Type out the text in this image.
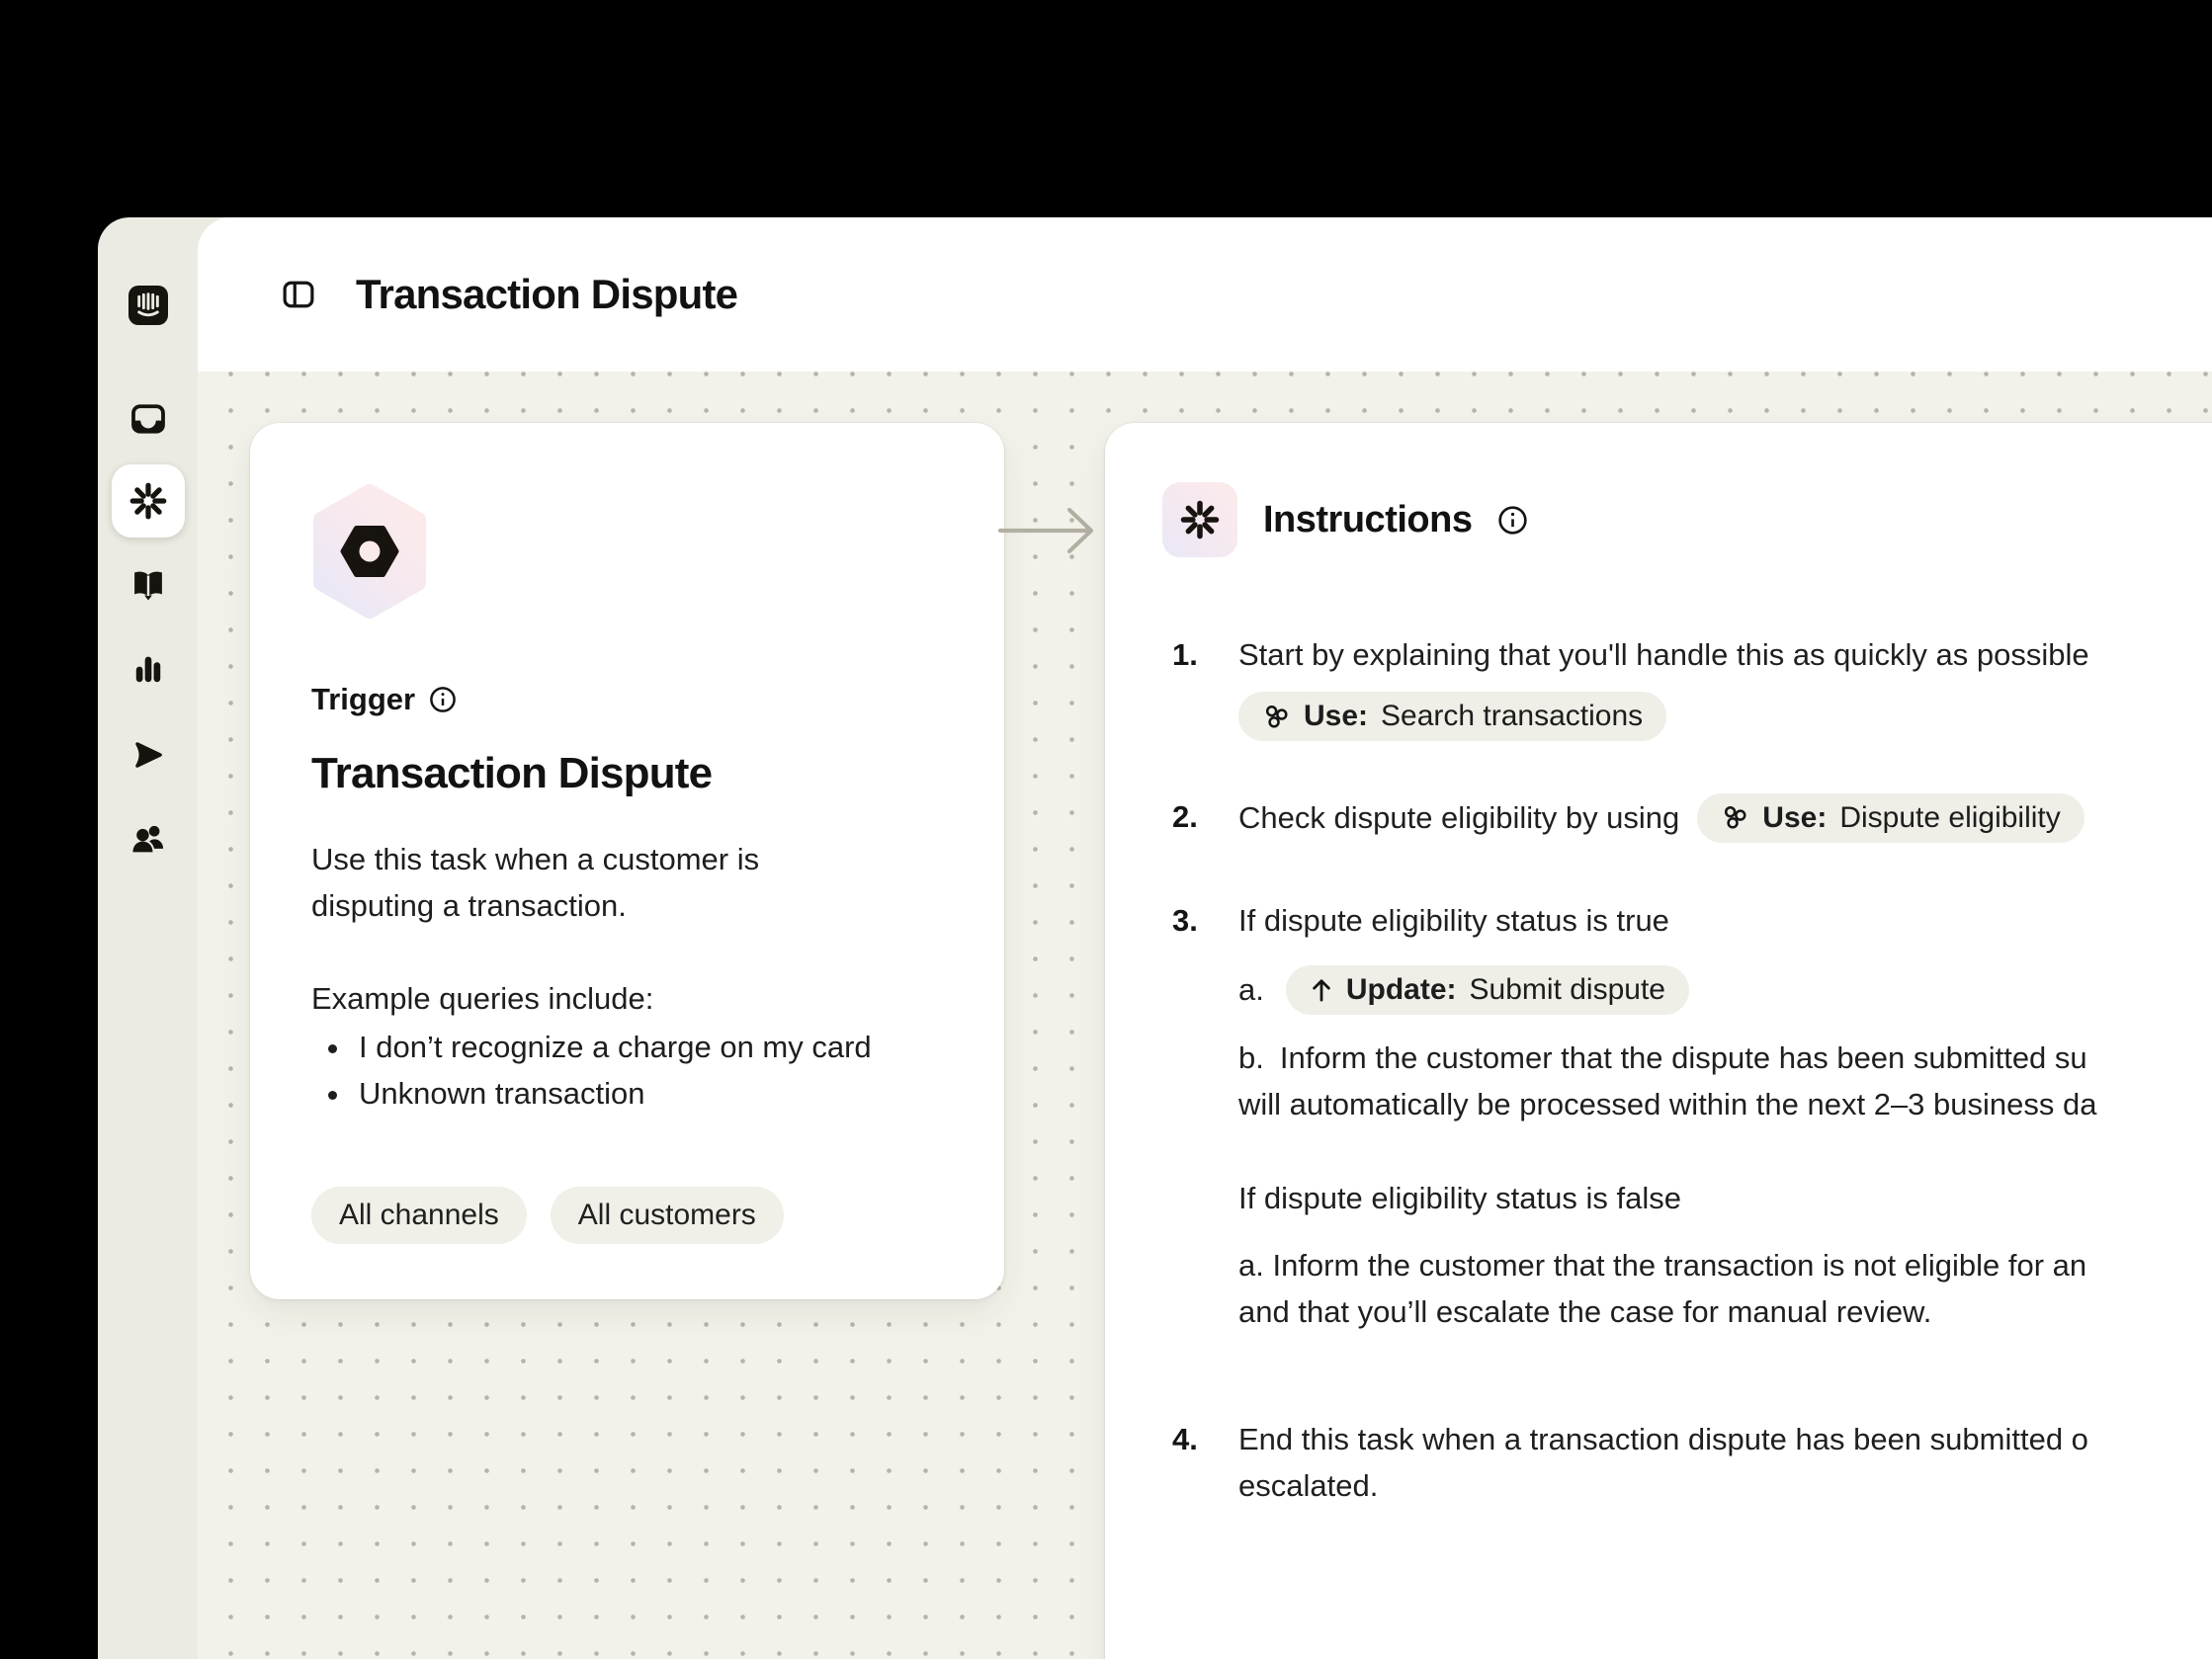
Transaction Dispute
Trigger
Transaction Dispute
Use this task when a customer is
disputing a transaction.
Example queries include:
• I don’t recognize a charge on my card
• Unknown transaction
All channels	All customers
Instructions
1.	Start by explaining that you'll handle this as quickly as possible
Use: Search transactions
2.	Check dispute eligibility by using	Use: Dispute eligibility
3.	If dispute eligibility status is true
a.	Update: Submit dispute
b. Inform the customer that the dispute has been submitted su
will automatically be processed within the next 2–3 business da
If dispute eligibility status is false
a. Inform the customer that the transaction is not eligible for an
and that you’ll escalate the case for manual review.
4.	End this task when a transaction dispute has been submitted o
escalated.
